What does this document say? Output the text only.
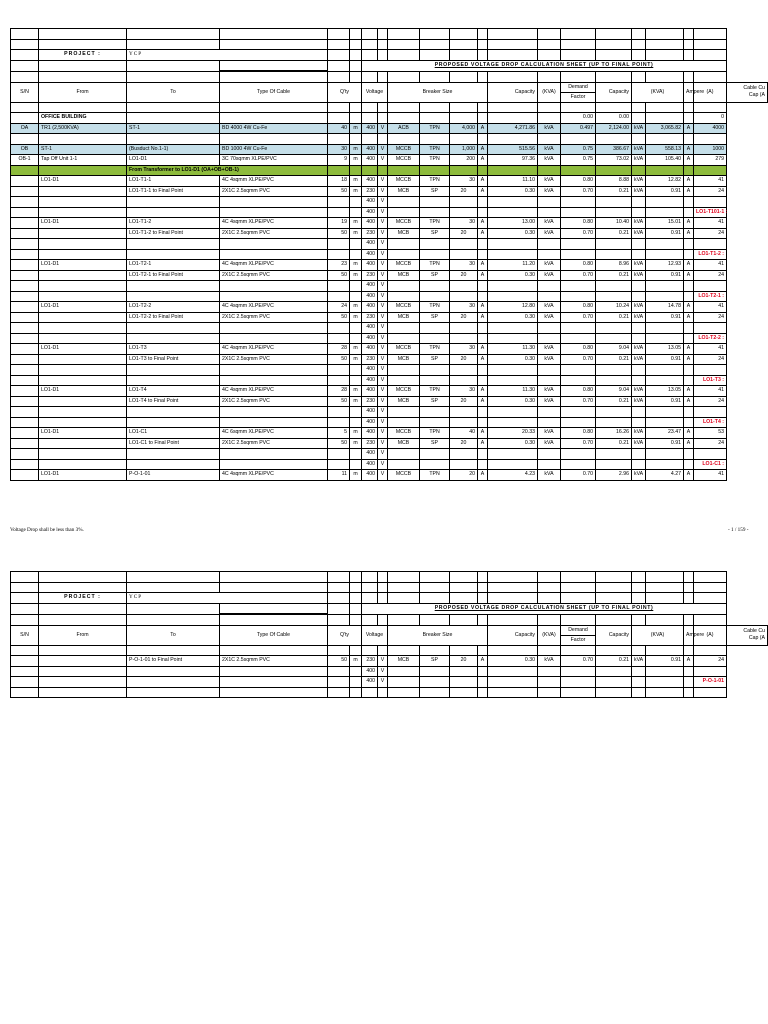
	PROJECT :	YCP																		
						PROPOSED VOLTAGE DROP CALCULATION SHEET (UP TO FINAL POINT)														

S/N	From	To	Type Of Cable	Q'ty		Voltage		Breaker Size				Capacity	(KVA)	Demand	Capacity	(KVA)		Ampere	(A)	Cable Cu
Cap (A

														Factor						

	OFFICE BUILDING													0.00	0.00				0	
OA	TR1 (2,500KVA)	ST-1	BD 4000 4W Cu-Fe	40	m	400	V	ACB	TPN	4,000	A	4,271.86	kVA	0.497	2,124.00	kVA	3,065.82	A	4000	

OB	ST-1	(Busduct No.1-1)	BD 1000 4W Cu-Fe	30	m	400	V	MCCB	TPN	1,000	A	515.56	kVA	0.75	386.67	kVA	558.13	A	1000	
OB-1	Tap Off Unit 1-1	LO1-D1	3C 70sqmm XLPE/PVC	9	m	400	V	MCCB	TPN	200	A	97.36	kVA	0.75	73.02	kVA	105.40	A	279	
		From Transformer to LO1-D1 (OA+OB+OB-1)																		
	LO1-D1	LO1-T1-1	4C 4sqmm XLPE/PVC	18	m	400	V	MCCB	TPN	30	A	11.10	kVA	0.80	8.88	kVA	12.82	A	41	
		LO1-T1-1 to Final Point	2X1C 2.5sqmm PVC	50	m	230	V	MCB	SP	20	A	0.30	kVA	0.70	0.21	kVA	0.91	A	24	
						400	V													
						400	V												LO1-T101-1 :	
	LO1-D1	LO1-T1-2	4C 4sqmm XLPE/PVC	19	m	400	V	MCCB	TPN	30	A	13.00	kVA	0.80	10.40	kVA	15.01	A	41	
		LO1-T1-2 to Final Point	2X1C 2.5sqmm PVC	50	m	230	V	MCB	SP	20	A	0.30	kVA	0.70	0.21	kVA	0.91	A	24	
						400	V													
						400	V												LO1-T1-2 :	
	LO1-D1	LO1-T2-1	4C 4sqmm XLPE/PVC	23	m	400	V	MCCB	TPN	30	A	11.20	kVA	0.80	8.96	kVA	12.93	A	41	
		LO1-T2-1 to Final Point	2X1C 2.5sqmm PVC	50	m	230	V	MCB	SP	20	A	0.30	kVA	0.70	0.21	kVA	0.91	A	24	
						400	V													
						400	V												LO1-T2-1 :	
	LO1-D1	LO1-T2-2	4C 4sqmm XLPE/PVC	24	m	400	V	MCCB	TPN	30	A	12.80	kVA	0.80	10.24	kVA	14.78	A	41	
		LO1-T2-2 to Final Point	2X1C 2.5sqmm PVC	50	m	230	V	MCB	SP	20	A	0.30	kVA	0.70	0.21	kVA	0.91	A	24	
						400	V													
						400	V												LO1-T2-2 :	
	LO1-D1	LO1-T3	4C 4sqmm XLPE/PVC	28	m	400	V	MCCB	TPN	30	A	11.30	kVA	0.80	9.04	kVA	13.05	A	41	
		LO1-T3 to Final Point	2X1C 2.5sqmm PVC	50	m	230	V	MCB	SP	20	A	0.30	kVA	0.70	0.21	kVA	0.91	A	24	
						400	V													
						400	V												LO1-T3 :	
	LO1-D1	LO1-T4	4C 4sqmm XLPE/PVC	28	m	400	V	MCCB	TPN	30	A	11.30	kVA	0.80	9.04	kVA	13.05	A	41	
		LO1-T4 to Final Point	2X1C 2.5sqmm PVC	50	m	230	V	MCB	SP	20	A	0.30	kVA	0.70	0.21	kVA	0.91	A	24	
						400	V													
						400	V												LO1-T4 :	
	LO1-D1	LO1-C1	4C 6sqmm XLPE/PVC	5	m	400	V	MCCB	TPN	40	A	20.33	kVA	0.80	16.26	kVA	23.47	A	53	
		LO1-C1 to Final Point	2X1C 2.5sqmm PVC	50	m	230	V	MCB	SP	20	A	0.30	kVA	0.70	0.21	kVA	0.91	A	24	
						400	V													
						400	V												LO1-C1 :	
	LO1-D1	P-O-1-01	4C 4sqmm XLPE/PVC	11	m	400	V	MCCB	TPN	20	A	4.23	kVA	0.70	2.96	kVA	4.27	A	41	
Voltage Drop shall be less than 3%.	- 1 / 159 -

	PROJECT :	YCP																		
						PROPOSED VOLTAGE DROP CALCULATION SHEET (UP TO FINAL POINT)														

S/N	From	To	Type Of Cable	Q'ty		Voltage		Breaker Size				Capacity	(KVA)	Demand	Capacity	(KVA)		Ampere	(A)	Cable Cu
Cap (A

														Factor						

		P-O-1-01 to Final Point	2X1C 2.5sqmm PVC	50	m	230	V	MCB	SP	20	A	0.30	kVA	0.70	0.21	kVA	0.91	A	24	
						400	V													
						400	V												P-O-1-01	
